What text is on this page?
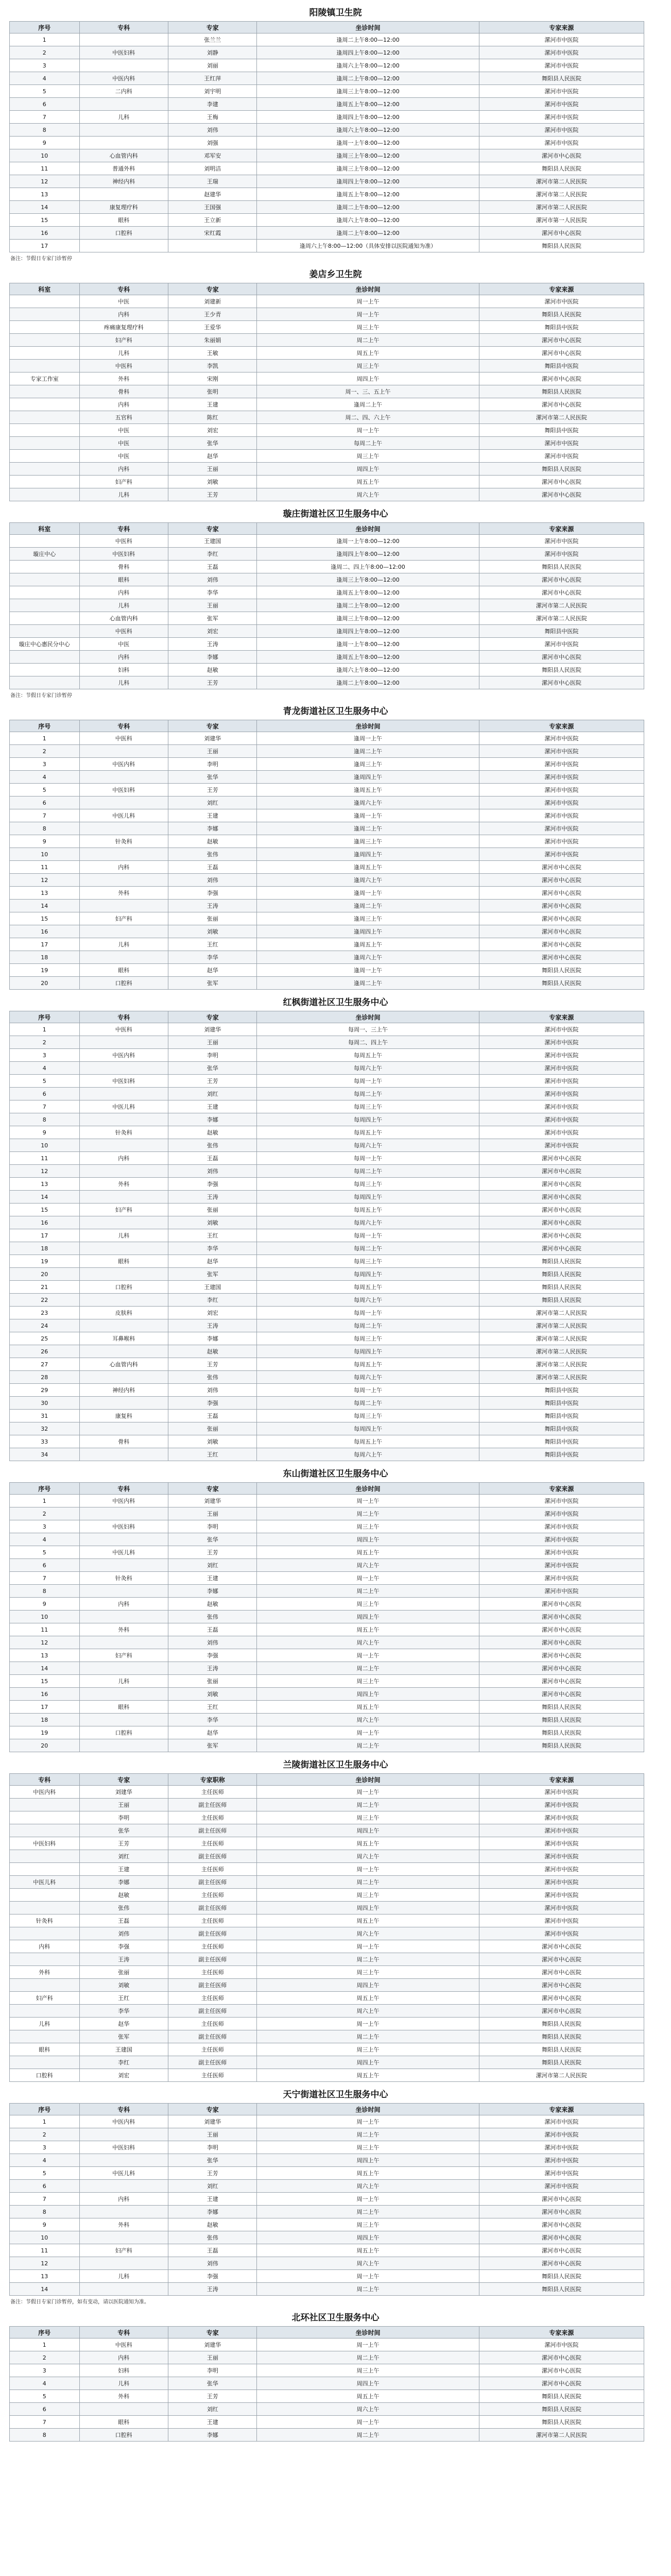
阳陵镇卫生院
序号	专科	专家	坐诊时间	专家来源
1		张兰兰	逢周二上午8:00—12:00	漯河市中医院
2	中医妇科	刘静	逢周四上午8:00—12:00	漯河市中医院
3		刘丽	逢周六上午8:00—12:00	漯河市中医院
4	中医内科	王红萍	逢周二上午8:00—12:00	舞阳县人民医院
5	二内科	刘宇明	逢周三上午8:00—12:00	漯河市中医院
6		李建	逢周五上午8:00—12:00	漯河市中医院
7	儿科	王梅	逢周四上午8:00—12:00	漯河市中医院
8		刘伟	逢周六上午8:00—12:00	漯河市中医院
9		刘强	逢周一上午8:00—12:00	漯河市中医院
10	心血管内科	邓军安	逢周三上午8:00—12:00	漯河市中心医院
11	普通外科	刘明洁	逢周三上午8:00—12:00	舞阳县人民医院
12	神经内科	王瑞	逢周四上午8:00—12:00	漯河市第二人民医院
13		赵建华	逢周五上午8:00—12:00	漯河市第二人民医院
14	康复理疗科	王国强	逢周二上午8:00—12:00	漯河市第二人民医院
15	眼科	王立新	逢周六上午8:00—12:00	漯河市第一人民医院
16	口腔科	宋红霞	逢周二上午8:00—12:00	漯河市中心医院
17			逢周六上午8:00—12:00（具体安排以医院通知为准）	舞阳县人民医院
备注：节假日专家门诊暂停
姜店乡卫生院
科室	专科	专家	坐诊时间	专家来源
	中医	刘建新	周一上午	漯河市中医院
	内科	王少青	周一上午	舞阳县人民医院
	疼痛康复理疗科	王爱华	周三上午	舞阳县中医院
	妇产科	朱丽娟	周二上午	漯河市中心医院
	儿科	王敏	周五上午	漯河市中心医院
	中医科	李凯	周三上午	舞阳县中医院
专家工作室	外科	宋刚	周四上午	漯河市中心医院
	骨科	张明	周一、三、五上午	舞阳县人民医院
	内科	王建	逢周二上午	漯河市中心医院
	五官科	陈红	周二、四、六上午	漯河市第二人民医院
	中医	刘宏	周一上午	舞阳县中医院
	中医	张华	每周二上午	漯河市中医院
	中医	赵华	周三上午	漯河市中医院
	内科	王丽	周四上午	舞阳县人民医院
	妇产科	刘敏	周五上午	漯河市中心医院
	儿科	王芳	周六上午	漯河市中心医院
璇庄街道社区卫生服务中心
科室	专科	专家	坐诊时间	专家来源
	中医科	王建国	逢周一上午8:00—12:00	漯河市中医院
璇庄中心	中医妇科	李红	逢周四上午8:00—12:00	漯河市中医院
	骨科	王磊	逢周二、四上午8:00—12:00	舞阳县人民医院
	眼科	刘伟	逢周三上午8:00—12:00	漯河市中心医院
	内科	李华	逢周五上午8:00—12:00	漯河市中心医院
	儿科	王丽	逢周二上午8:00—12:00	漯河市第二人民医院
	心血管内科	张军	逢周三上午8:00—12:00	漯河市第二人民医院
	中医科	刘宏	逢周四上午8:00—12:00	舞阳县中医院
璇庄中心惠民分中心	中医	王涛	逢周一上午8:00—12:00	漯河市中医院
	内科	李娜	逢周五上午8:00—12:00	漯河市中心医院
	妇科	赵敏	逢周六上午8:00—12:00	舞阳县人民医院
	儿科	王芳	逢周二上午8:00—12:00	漯河市中心医院
备注：节假日专家门诊暂停
青龙街道社区卫生服务中心
序号	专科	专家	坐诊时间	专家来源
1	中医科	刘建华	逢周一上午	漯河市中医院
2		王丽	逢周二上午	漯河市中医院
3	中医内科	李明	逢周三上午	漯河市中医院
4		张华	逢周四上午	漯河市中医院
5	中医妇科	王芳	逢周五上午	漯河市中医院
6		刘红	逢周六上午	漯河市中医院
7	中医儿科	王建	逢周一上午	漯河市中医院
8		李娜	逢周二上午	漯河市中医院
9	针灸科	赵敏	逢周三上午	漯河市中医院
10		张伟	逢周四上午	漯河市中医院
11	内科	王磊	逢周五上午	漯河市中心医院
12		刘伟	逢周六上午	漯河市中心医院
13	外科	李强	逢周一上午	漯河市中心医院
14		王涛	逢周二上午	漯河市中心医院
15	妇产科	张丽	逢周三上午	漯河市中心医院
16		刘敏	逢周四上午	漯河市中心医院
17	儿科	王红	逢周五上午	漯河市中心医院
18		李华	逢周六上午	漯河市中心医院
19	眼科	赵华	逢周一上午	舞阳县人民医院
20	口腔科	张军	逢周二上午	舞阳县人民医院
红枫街道社区卫生服务中心
序号	专科	专家	坐诊时间	专家来源
1	中医科	刘建华	每周一、三上午	漯河市中医院
2		王丽	每周二、四上午	漯河市中医院
3	中医内科	李明	每周五上午	漯河市中医院
4		张华	每周六上午	漯河市中医院
5	中医妇科	王芳	每周一上午	漯河市中医院
6		刘红	每周二上午	漯河市中医院
7	中医儿科	王建	每周三上午	漯河市中医院
8		李娜	每周四上午	漯河市中医院
9	针灸科	赵敏	每周五上午	漯河市中医院
10		张伟	每周六上午	漯河市中医院
11	内科	王磊	每周一上午	漯河市中心医院
12		刘伟	每周二上午	漯河市中心医院
13	外科	李强	每周三上午	漯河市中心医院
14		王涛	每周四上午	漯河市中心医院
15	妇产科	张丽	每周五上午	漯河市中心医院
16		刘敏	每周六上午	漯河市中心医院
17	儿科	王红	每周一上午	漯河市中心医院
18		李华	每周二上午	漯河市中心医院
19	眼科	赵华	每周三上午	舞阳县人民医院
20		张军	每周四上午	舞阳县人民医院
21	口腔科	王建国	每周五上午	舞阳县人民医院
22		李红	每周六上午	舞阳县人民医院
23	皮肤科	刘宏	每周一上午	漯河市第二人民医院
24		王涛	每周二上午	漯河市第二人民医院
25	耳鼻喉科	李娜	每周三上午	漯河市第二人民医院
26		赵敏	每周四上午	漯河市第二人民医院
27	心血管内科	王芳	每周五上午	漯河市第二人民医院
28		张伟	每周六上午	漯河市第二人民医院
29	神经内科	刘伟	每周一上午	舞阳县中医院
30		李强	每周二上午	舞阳县中医院
31	康复科	王磊	每周三上午	舞阳县中医院
32		张丽	每周四上午	舞阳县中医院
33	骨科	刘敏	每周五上午	舞阳县中医院
34		王红	每周六上午	舞阳县中医院
东山街道社区卫生服务中心
序号	专科	专家	坐诊时间	专家来源
1	中医内科	刘建华	周一上午	漯河市中医院
2		王丽	周二上午	漯河市中医院
3	中医妇科	李明	周三上午	漯河市中医院
4		张华	周四上午	漯河市中医院
5	中医儿科	王芳	周五上午	漯河市中医院
6		刘红	周六上午	漯河市中医院
7	针灸科	王建	周一上午	漯河市中医院
8		李娜	周二上午	漯河市中医院
9	内科	赵敏	周三上午	漯河市中心医院
10		张伟	周四上午	漯河市中心医院
11	外科	王磊	周五上午	漯河市中心医院
12		刘伟	周六上午	漯河市中心医院
13	妇产科	李强	周一上午	漯河市中心医院
14		王涛	周二上午	漯河市中心医院
15	儿科	张丽	周三上午	漯河市中心医院
16		刘敏	周四上午	漯河市中心医院
17	眼科	王红	周五上午	舞阳县人民医院
18		李华	周六上午	舞阳县人民医院
19	口腔科	赵华	周一上午	舞阳县人民医院
20		张军	周二上午	舞阳县人民医院
兰陵街道社区卫生服务中心
专科	专家	专家职称	坐诊时间	专家来源
中医内科	刘建华	主任医师	周一上午	漯河市中医院
	王丽	副主任医师	周二上午	漯河市中医院
	李明	主任医师	周三上午	漯河市中医院
	张华	副主任医师	周四上午	漯河市中医院
中医妇科	王芳	主任医师	周五上午	漯河市中医院
	刘红	副主任医师	周六上午	漯河市中医院
	王建	主任医师	周一上午	漯河市中医院
中医儿科	李娜	副主任医师	周二上午	漯河市中医院
	赵敏	主任医师	周三上午	漯河市中医院
	张伟	副主任医师	周四上午	漯河市中医院
针灸科	王磊	主任医师	周五上午	漯河市中医院
	刘伟	副主任医师	周六上午	漯河市中医院
内科	李强	主任医师	周一上午	漯河市中心医院
	王涛	副主任医师	周二上午	漯河市中心医院
外科	张丽	主任医师	周三上午	漯河市中心医院
	刘敏	副主任医师	周四上午	漯河市中心医院
妇产科	王红	主任医师	周五上午	漯河市中心医院
	李华	副主任医师	周六上午	漯河市中心医院
儿科	赵华	主任医师	周一上午	舞阳县人民医院
	张军	副主任医师	周二上午	舞阳县人民医院
眼科	王建国	主任医师	周三上午	舞阳县人民医院
	李红	副主任医师	周四上午	舞阳县人民医院
口腔科	刘宏	主任医师	周五上午	漯河市第二人民医院
天宁街道社区卫生服务中心
序号	专科	专家	坐诊时间	专家来源
1	中医内科	刘建华	周一上午	漯河市中医院
2		王丽	周二上午	漯河市中医院
3	中医妇科	李明	周三上午	漯河市中医院
4		张华	周四上午	漯河市中医院
5	中医儿科	王芳	周五上午	漯河市中医院
6		刘红	周六上午	漯河市中医院
7	内科	王建	周一上午	漯河市中心医院
8		李娜	周二上午	漯河市中心医院
9	外科	赵敏	周三上午	漯河市中心医院
10		张伟	周四上午	漯河市中心医院
11	妇产科	王磊	周五上午	漯河市中心医院
12		刘伟	周六上午	漯河市中心医院
13	儿科	李强	周一上午	舞阳县人民医院
14		王涛	周二上午	舞阳县人民医院
备注：节假日专家门诊暂停，如有变动，请以医院通知为准。
北环社区卫生服务中心
序号	专科	专家	坐诊时间	专家来源
1	中医科	刘建华	周一上午	漯河市中医院
2	内科	王丽	周二上午	漯河市中心医院
3	妇科	李明	周三上午	漯河市中心医院
4	儿科	张华	周四上午	漯河市中心医院
5	外科	王芳	周五上午	舞阳县人民医院
6		刘红	周六上午	舞阳县人民医院
7	眼科	王建	周一上午	舞阳县人民医院
8	口腔科	李娜	周二上午	漯河市第二人民医院
